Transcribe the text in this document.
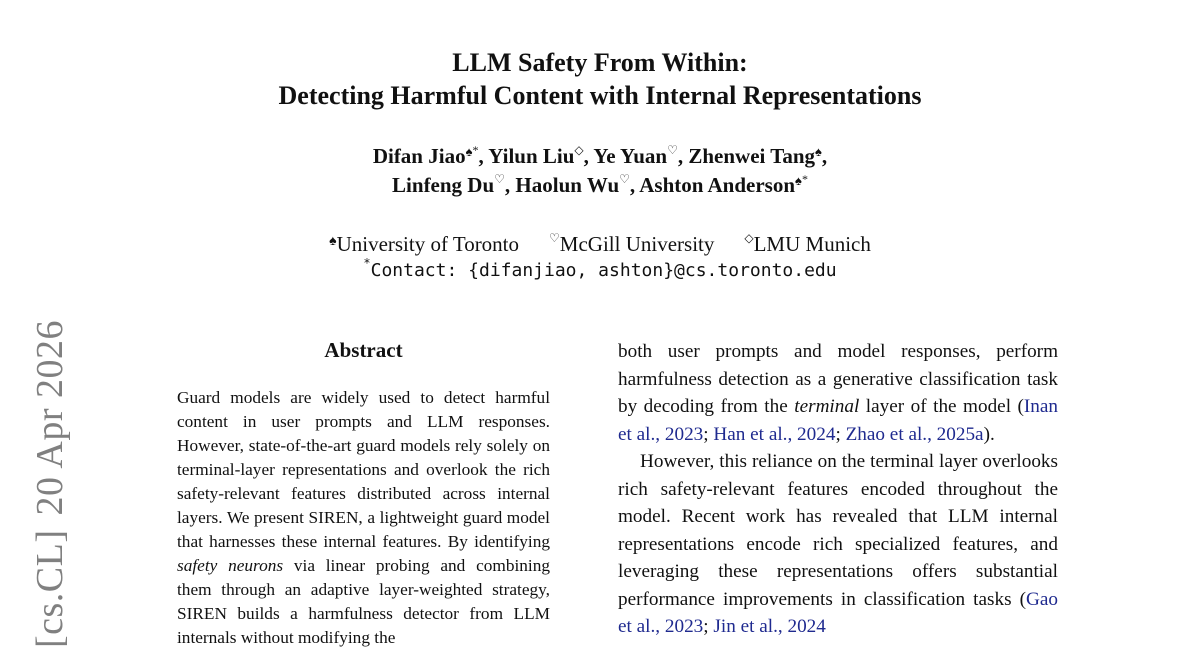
[cs.CL]20 Apr 2026
LLM Safety From Within:
Detecting Harmful Content with Internal Representations
Difan Jiao♠*, Yilun Liu◇, Ye Yuan♡, Zhenwei Tang♠,
Linfeng Du♡, Haolun Wu♡, Ashton Anderson♠*
♠University of Toronto	♡McGill University	◇LMU Munich
*Contact: {difanjiao, ashton}@cs.toronto.edu
Abstract

Guard models are widely used to detect harmful content in user prompts and LLM responses. However, state-of-the-art guard models rely solely on terminal-layer representations and overlook the rich safety-relevant features distributed across internal layers. We present SIREN, a lightweight guard model that harnesses these internal features. By identifying safety neurons via linear probing and combining them through an adaptive layer-weighted strategy, SIREN builds a harmfulness detector from LLM internals without modifying the

both user prompts and model responses, perform harmfulness detection as a generative classification task by decoding from the terminal layer of the model (Inan et al., 2023; Han et al., 2024; Zhao et al., 2025a).

However, this reliance on the terminal layer overlooks rich safety-relevant features encoded throughout the model. Recent work has revealed that LLM internal representations encode rich specialized features, and leveraging these representations offers substantial performance improvements in classification tasks (Gao et al., 2023; Jin et al., 2024
